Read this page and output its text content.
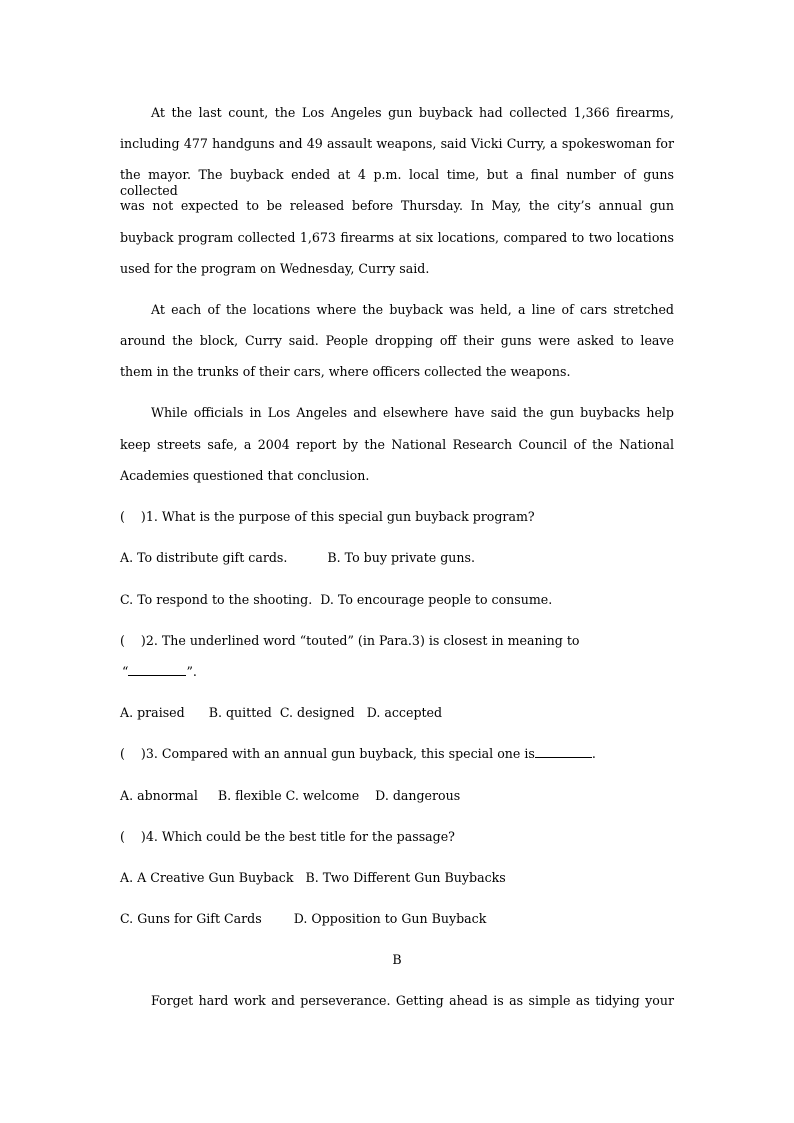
At the last count, the Los Angeles gun buyback had collected 1,366 firearms,
including 477 handguns and 49 assault weapons, said Vicki Curry, a spokeswoman for
the mayor. The buyback ended at 4 p.m. local time, but a final number of guns collected
was not expected to be released before Thursday. In May, the city’s annual gun
buyback program collected 1,673 firearms at six locations, compared to two locations
used for the program on Wednesday, Curry said.
At each of the locations where the buyback was held, a line of cars stretched
around the block, Curry said. People dropping off their guns were asked to leave
them in the trunks of their cars, where officers collected the weapons.
While officials in Los Angeles and elsewhere have said the gun buybacks help
keep streets safe, a 2004 report by the National Research Council of the National
Academies questioned that conclusion.
(    )1. What is the purpose of this special gun buyback program?
A. To distribute gift cards.          B. To buy private guns.
C. To respond to the shooting.  D. To encourage people to consume.
(    )2. The underlined word “touted” (in Para.3) is closest in meaning to
“	”.
A. praised      B. quitted  C. designed   D. accepted
(    )3. Compared with an annual gun buyback, this special one is	.
A. abnormal     B. flexible C. welcome    D. dangerous
(    )4. Which could be the best title for the passage?
A. A Creative Gun Buyback   B. Two Different Gun Buybacks
C. Guns for Gift Cards        D. Opposition to Gun Buyback
B
Forget hard work and perseverance. Getting ahead is as simple as tidying your
